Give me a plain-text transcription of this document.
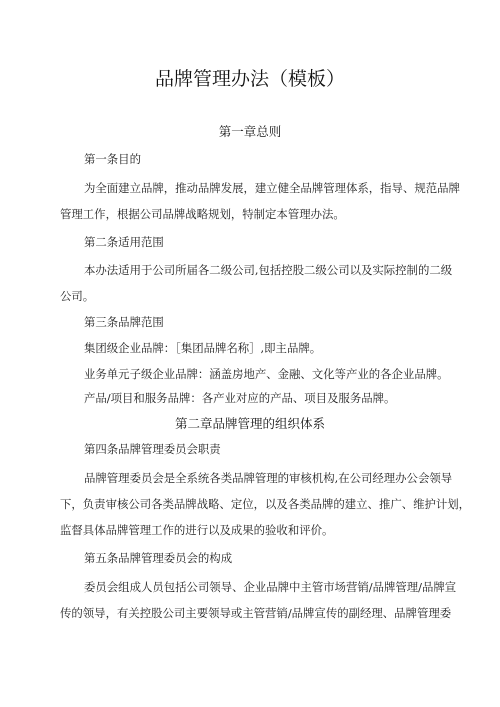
品牌管理办法（模板）
第一章总则
第一条目的
为全面建立品牌，推动品牌发展，建立健全品牌管理体系，指导、规范品牌
管理工作，根据公司品牌战略规划，特制定本管理办法。
第二条适用范围
本办法适用于公司所届各二级公司,包括控股二级公司以及实际控制的二级
公司。
第三条品牌范围
集团级企业品牌：［集团品牌名称］,即主品牌。
业务单元子级企业品牌：涵盖房地产、金融、文化等产业的各企业品牌。
产品/项目和服务品牌：各产业对应的产品、项目及服务品牌。
第二章品牌管理的组织体系
第四条品牌管理委员会职责
品牌管理委员会是全系统各类品牌管理的审核机构,在公司经理办公会领导
下，负责审核公司各类品牌战略、定位，以及各类品牌的建立、推广、维护计划，
监督具体品牌管理工作的进行以及成果的验收和评价。
第五条品牌管理委员会的构成
委员会组成人员包括公司领导、企业品牌中主管市场营销/品牌管理/品牌宣
传的领导，有关控股公司主要领导或主管营销/品牌宣传的副经理、品牌管理委
